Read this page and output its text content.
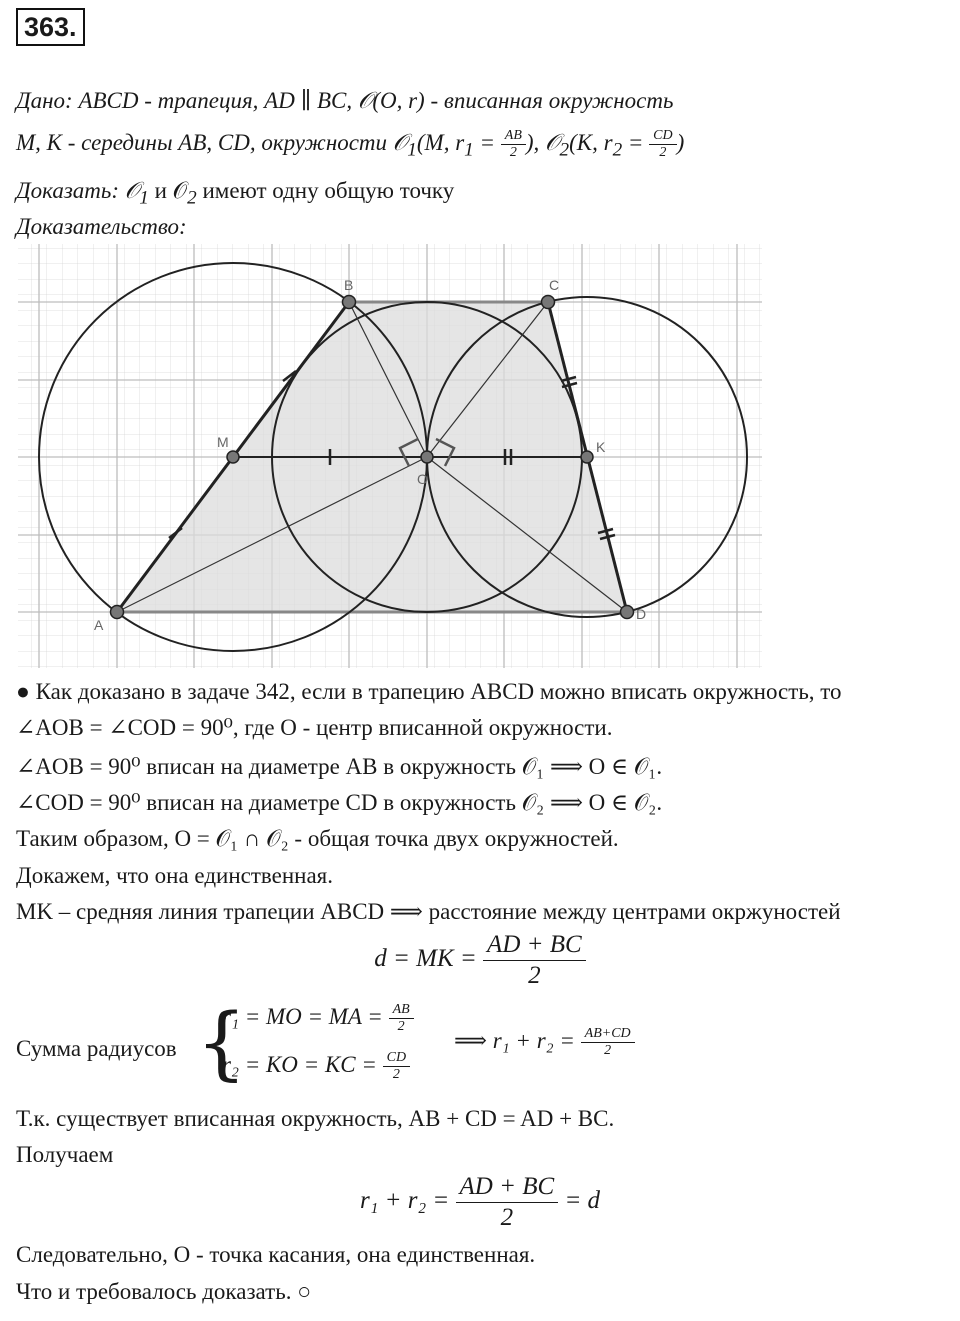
363.
Дано: ABCD - трапеция, AD ∥ BC, 𝒪(O, r) - вписанная окружность
M, K - середины AB, CD, окружности 𝒪$_1$(M, $r_1 = \frac{AB}{2}$ ), 𝒪$_2$(K, $r_2 = \frac{CD}{2}$ )
Доказать: 𝒪$_1$ и 𝒪$_2$ имеют одну общую точку
Доказательство:
A
B	C
D
M	K
O
● Как доказано в задаче 342, если в трапецию ABCD можно вписать окружность, то
∠AOB = ∠COD = 90⁰, где O - центр вписанной окружности.
∠AOB = 90⁰ вписан на диаметре AB в окружность 𝒪₁ ⟹ O ∈ 𝒪₁.
∠COD = 90⁰ вписан на диаметре CD в окружность 𝒪₂ ⟹ O ∈ 𝒪₂.
Таким образом, O = 𝒪₁ ∩ 𝒪₂ - общая точка двух окружностей.
Докажем, что она единственная.
MK – средняя линия трапеции ABCD ⟹ расстояние между центрами окржуностей
d = MK = $\frac{AD + BC}{2}$
Сумма радиусов {
r₁ = MO = MA = $\frac{AB}{2}$
r₂ = KO = KC = $\frac{CD}{2}$
⟹ $r_1 + r_2 = \frac{AB+CD}{2}$
Т.к. существует вписанная окружность, AB + CD = AD + BC.
Получаем
$r_1 + r_2 = \frac{AD + BC}{2} = d$
Следовательно, O - точка касания, она единственная.
Что и требовалось доказать. ○
